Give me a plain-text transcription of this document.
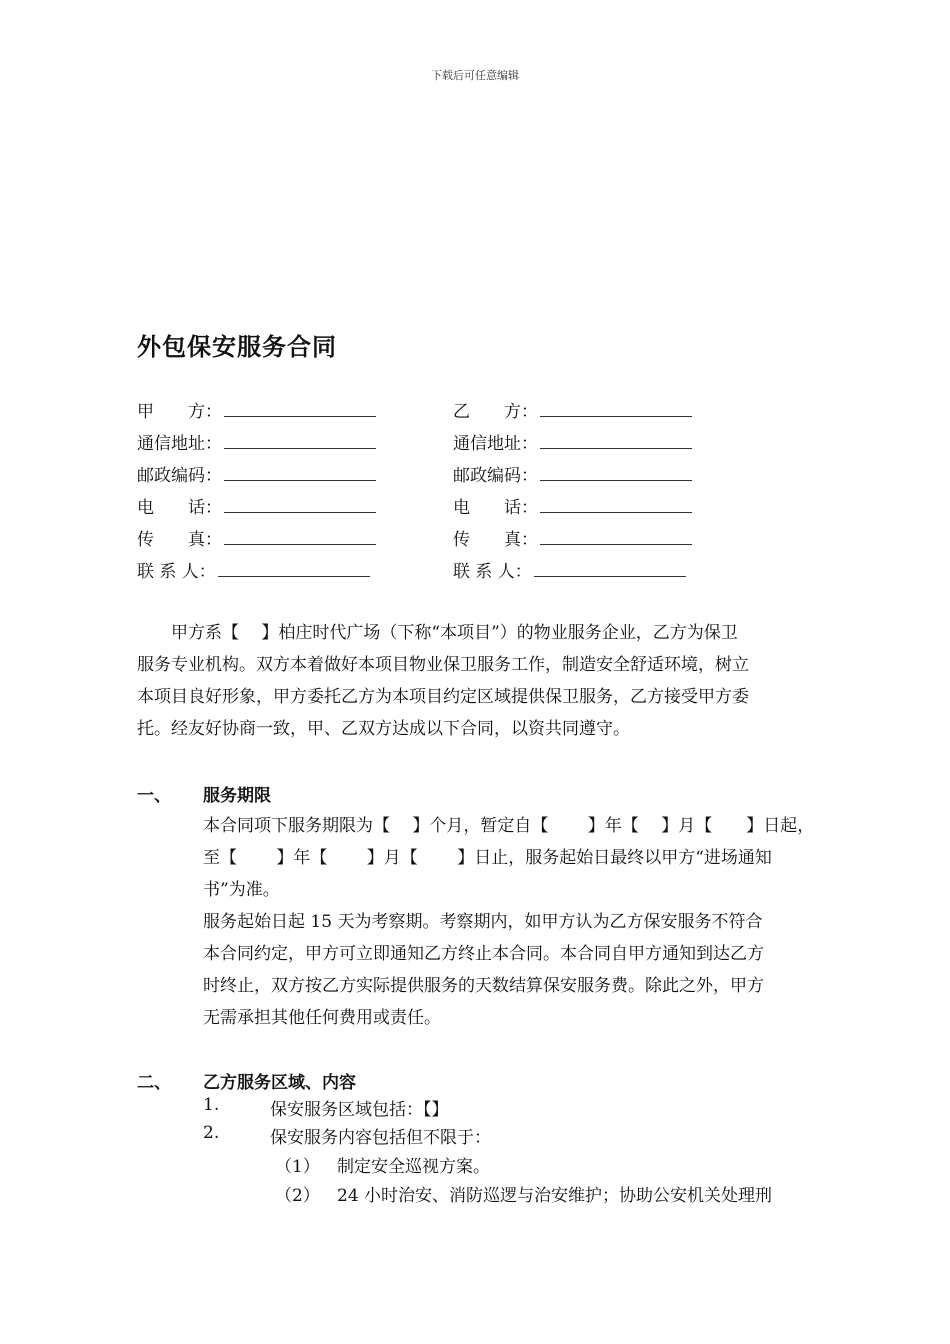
下载后可任意编辑
外包保安服务合同
甲　　方：
通信地址：
邮政编码：
电　　话：
传　　真：
联 系 人：
乙　　方：
通信地址：
邮政编码：
电　　话：
传　　真：
联 系 人：
　　甲方系【　 】柏庄时代广场（下称“本项目”）的物业服务企业，乙方为保卫
服务专业机构。双方本着做好本项目物业保卫服务工作，制造安全舒适环境，树立
本项目良好形象，甲方委托乙方为本项目约定区域提供保卫服务，乙方接受甲方委
托。经友好协商一致，甲、乙双方达成以下合同，以资共同遵守。
一、 服务期限
本合同项下服务期限为【　 】个月，暂定自【　　 】年【　 】月【　　】日起，
至【　　 】年【　　 】月【　　 】日止，服务起始日最终以甲方“进场通知
书”为准。
服务起始日起 15 天为考察期。考察期内，如甲方认为乙方保安服务不符合
本合同约定，甲方可立即通知乙方终止本合同。本合同自甲方通知到达乙方
时终止，双方按乙方实际提供服务的天数结算保安服务费。除此之外，甲方
无需承担其他任何费用或责任。
二、 乙方服务区域、内容
1.	保安服务区域包括：【】
2.	保安服务内容包括但不限于：
（1） 制定安全巡视方案。
（2） 24 小时治安、消防巡逻与治安维护；协助公安机关处理刑
